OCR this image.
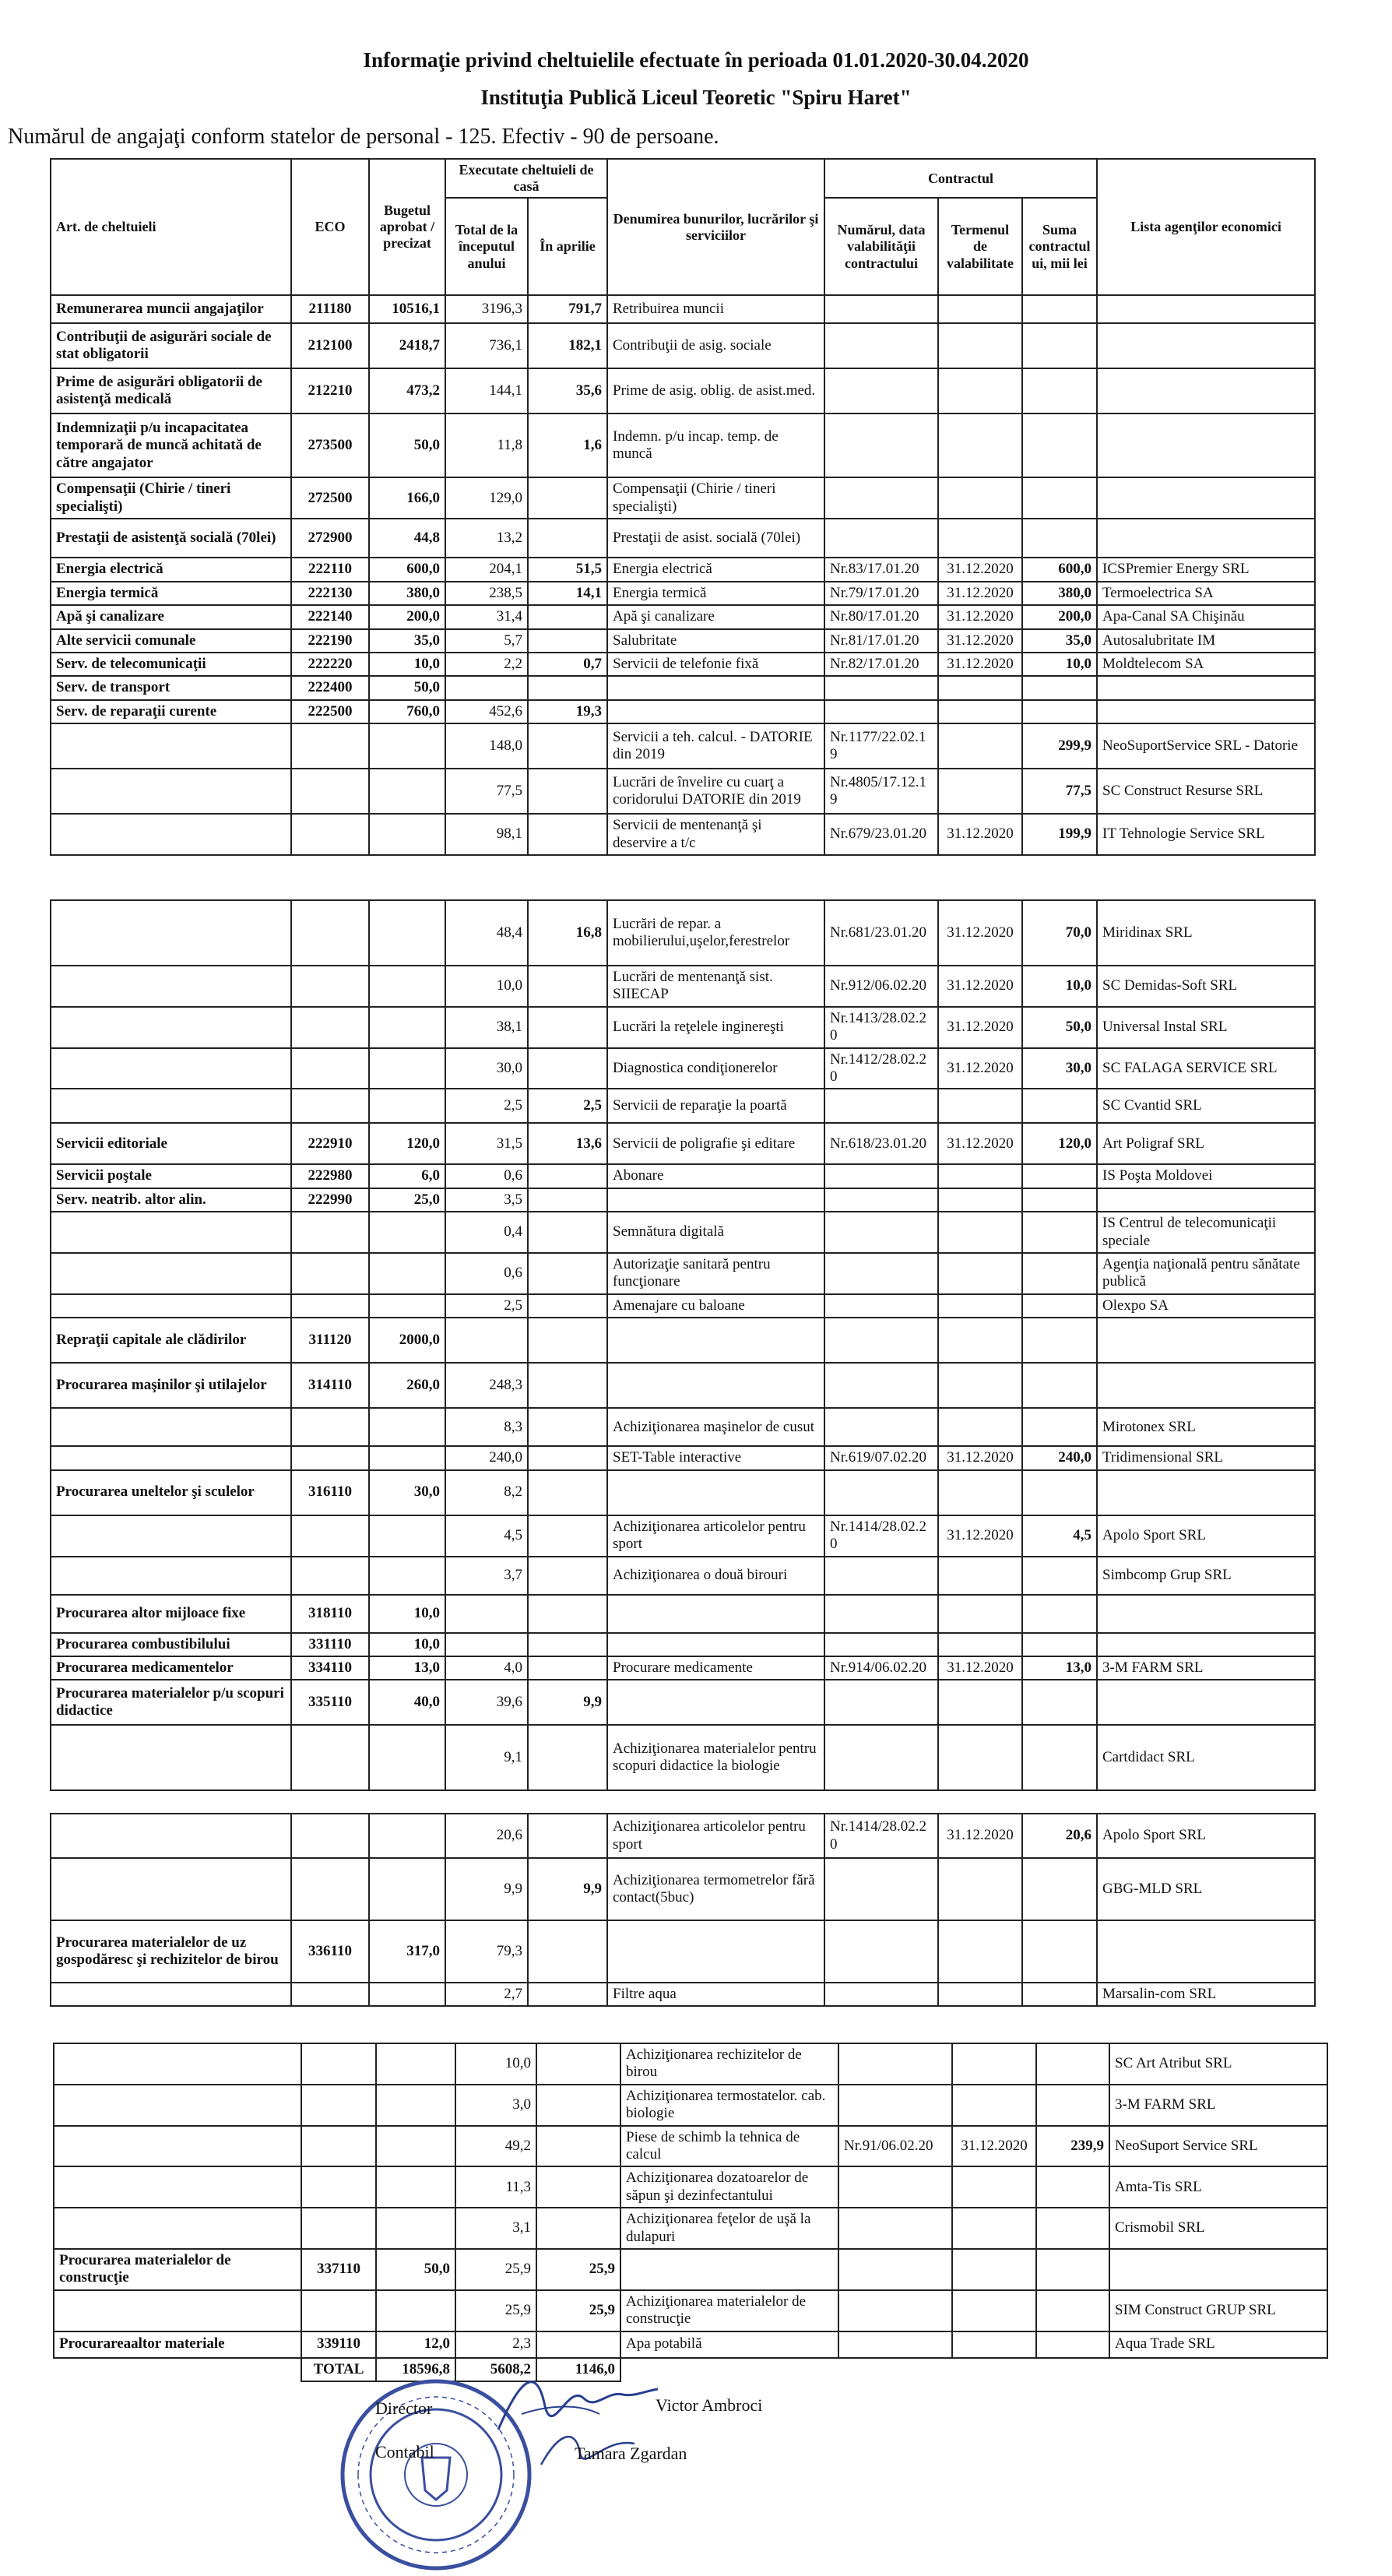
Informaţie privind cheltuielile efectuate în perioada 01.01.2020-30.04.2020
Instituţia Publică Liceul Teoretic "Spiru Haret"
Numărul de angajaţi conform statelor de personal - 125. Efectiv - 90 de persoane.
Art. de cheltuieli	ECO	Bugetul aprobat / precizat	Executate cheltuieli de casă		Denumirea bunurilor, lucrărilor şi serviciilor	Contractul			Lista agenţilor economici
			Total de la începutul anului	În aprilie		Numărul, data valabilităţii contractului	Termenul de valabilitate	Suma contractului, mii lei	
Remunerarea muncii angajaţilor	211180	10516,1	3196,3	791,7	Retribuirea muncii				
Contribuţii de asigurări sociale de stat obligatorii	212100	2418,7	736,1	182,1	Contribuţii de asig. sociale				
Prime de asigurări obligatorii de asistenţă medicală	212210	473,2	144,1	35,6	Prime de asig. oblig. de asist.med.				
Indemnizaţii p/u incapacitatea temporară de muncă achitată de către angajator	273500	50,0	11,8	1,6	Indemn. p/u incap. temp. de muncă				
Compensaţii (Chirie / tineri specialişti)	272500	166,0	129,0		Compensaţii (Chirie / tineri specialişti)				
Prestaţii de asistenţă socială (70lei)	272900	44,8	13,2		Prestaţii de asist. socială (70lei)				
Energia electrică	222110	600,0	204,1	51,5	Energia electrică	Nr.83/17.01.20	31.12.2020	600,0	ICSPremier Energy SRL
Energia termică	222130	380,0	238,5	14,1	Energia termică	Nr.79/17.01.20	31.12.2020	380,0	Termoelectrica SA
Apă şi canalizare	222140	200,0	31,4		Apă şi canalizare	Nr.80/17.01.20	31.12.2020	200,0	Apa-Canal SA Chişinău
Alte servicii comunale	222190	35,0	5,7		Salubritate	Nr.81/17.01.20	31.12.2020	35,0	Autosalubritate IM
Serv. de telecomunicaţii	222220	10,0	2,2	0,7	Servicii de telefonie fixă	Nr.82/17.01.20	31.12.2020	10,0	Moldtelecom SA
Serv. de transport	222400	50,0							
Serv. de reparaţii curente	222500	760,0	452,6	19,3					
			148,0		Servicii a teh. calcul. - DATORIE din 2019	Nr.1177/22.02.19		299,9	NeoSuportService SRL - Datorie
			77,5		Lucrări de învelire cu cuarţ a coridorului DATORIE din 2019	Nr.4805/17.12.19		77,5	SC Construct Resurse SRL
			98,1		Servicii de mentenanţă şi deservire a t/c	Nr.679/23.01.20	31.12.2020	199,9	IT Tehnologie Service SRL
			48,4	16,8	Lucrări de repar. a mobilierului,uşelor,ferestrelor	Nr.681/23.01.20	31.12.2020	70,0	Miridinax SRL
			10,0		Lucrări de mentenanţă sist. SIIECAP	Nr.912/06.02.20	31.12.2020	10,0	SC Demidas-Soft SRL
			38,1		Lucrări la reţelele inginereşti	Nr.1413/28.02.20	31.12.2020	50,0	Universal Instal SRL
			30,0		Diagnostica condiţionerelor	Nr.1412/28.02.20	31.12.2020	30,0	SC FALAGA SERVICE SRL
			2,5	2,5	Servicii de reparaţie la poartă				SC Cvantid SRL
Servicii editoriale	222910	120,0	31,5	13,6	Servicii de poligrafie şi editare	Nr.618/23.01.20	31.12.2020	120,0	Art Poligraf SRL
Servicii poştale	222980	6,0	0,6		Abonare				IS Poşta Moldovei
Serv. neatrib. altor alin.	222990	25,0	3,5						
			0,4		Semnătura digitală				IS Centrul de telecomunicaţii speciale
			0,6		Autorizaţie sanitară pentru funcţionare				Agenţia naţională pentru sănătate publică
			2,5		Amenajare cu baloane				Olexpo SA
Repraţii capitale ale clădirilor	311120	2000,0							
Procurarea maşinilor şi utilajelor	314110	260,0	248,3						
			8,3		Achiziţionarea maşinelor de cusut				Mirotonex SRL
			240,0		SET-Table interactive	Nr.619/07.02.20	31.12.2020	240,0	Tridimensional SRL
Procurarea uneltelor şi sculelor	316110	30,0	8,2						
			4,5		Achiziţionarea articolelor pentru sport	Nr.1414/28.02.20	31.12.2020	4,5	Apolo Sport SRL
			3,7		Achiziţionarea o două birouri				Simbcomp Grup SRL
Procurarea altor mijloace fixe	318110	10,0							
Procurarea combustibilului	331110	10,0							
Procurarea medicamentelor	334110	13,0	4,0		Procurare medicamente	Nr.914/06.02.20	31.12.2020	13,0	3-M FARM SRL
Procurarea materialelor p/u scopuri didactice	335110	40,0	39,6	9,9					
			9,1		Achiziţionarea materialelor pentru scopuri didactice la biologie				Cartdidact SRL
			20,6		Achiziţionarea articolelor pentru sport	Nr.1414/28.02.20	31.12.2020	20,6	Apolo Sport SRL
			9,9	9,9	Achiziţionarea termometrelor fără contact(5buc)				GBG-MLD SRL
Procurarea materialelor de uz gospodăresc şi rechizitelor de birou	336110	317,0	79,3						
			2,7		Filtre aqua				Marsalin-com SRL
			10,0		Achiziţionarea rechizitelor de birou				SC Art Atribut SRL
			3,0		Achiziţionarea termostatelor. cab. biologie				3-M FARM SRL
			49,2		Piese de schimb la tehnica de calcul	Nr.91/06.02.20	31.12.2020	239,9	NeoSuport Service SRL
			11,3		Achiziţionarea dozatoarelor de săpun şi dezinfectantului				Amta-Tis SRL
			3,1		Achiziţionarea feţelor de uşă la dulapuri				Crismobil SRL
Procurarea materialelor de construcţie	337110	50,0	25,9	25,9					
			25,9	25,9	Achiziţionarea materialelor de construcţie				SIM Construct GRUP SRL
Procurareaaltor materiale	339110	12,0	2,3		Apa potabilă				Aqua Trade SRL
	TOTAL	18596,8	5608,2	1146,0					
Director	Victor Ambroci
Contabil	Tamara Zgardan
